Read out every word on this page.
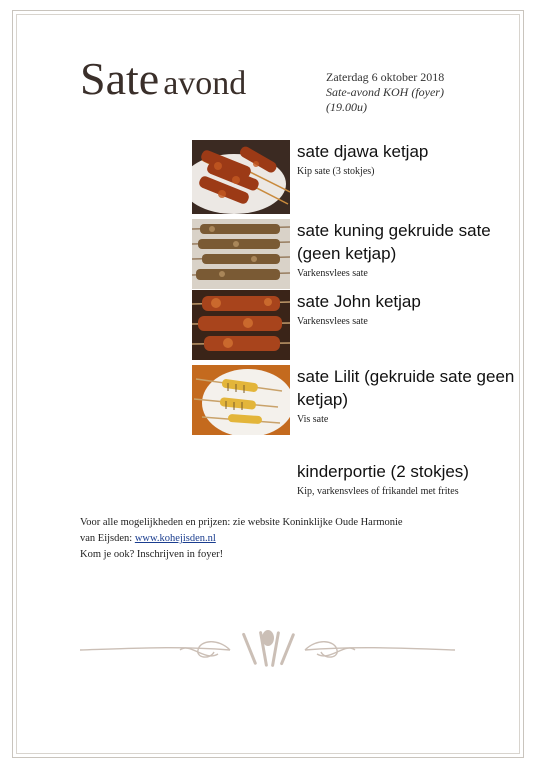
Sate avond	Zaterdag 6 oktober 2018
Sate-avond KOH (foyer)
(19.00u)
sate djawa ketjap
Kip sate (3 stokjes)
sate kuning gekruide sate (geen ketjap)
Varkensvlees sate
sate John ketjap
Varkensvlees sate
sate Lilit (gekruide sate geen ketjap)
Vis sate
kinderportie (2 stokjes)
Kip, varkensvlees of frikandel met frites
Voor alle mogelijkheden en prijzen: zie website Koninklijke Oude Harmonie
van Eijsden: www.kohejisden.nl
Kom je ook? Inschrijven in foyer!
